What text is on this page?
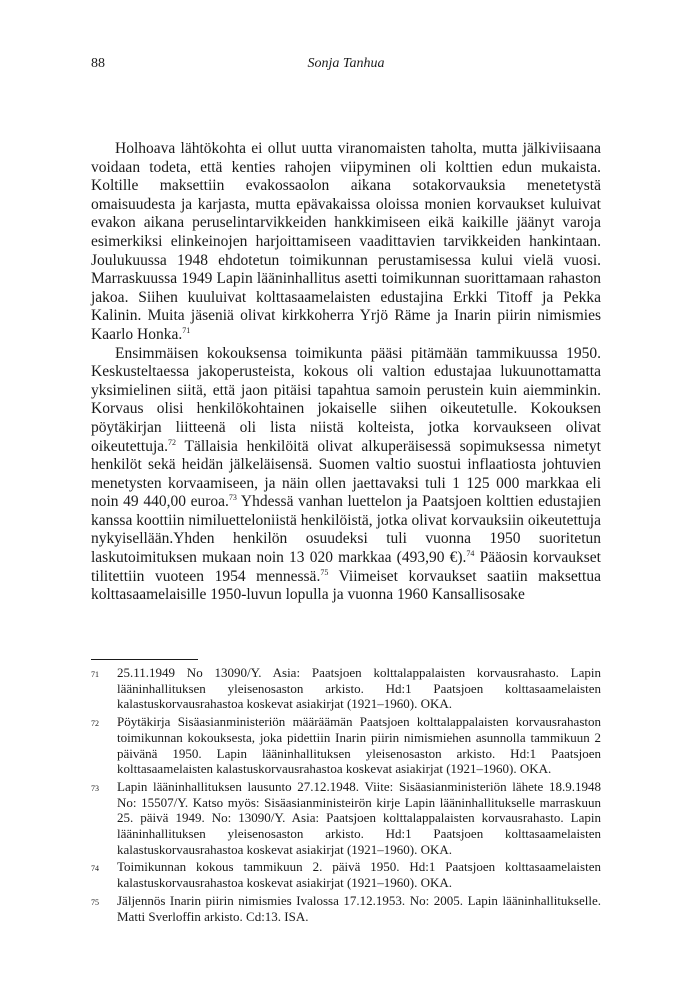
88	Sonja Tanhua

Holhoava lähtökohta ei ollut uutta viranomaisten taholta, mutta jälkiviisaana voidaan todeta, että kenties rahojen viipyminen oli kolttien edun mukaista. Koltille maksettiin evakossaolon aikana sotakorvauksia menetetystä omaisuudesta ja karjasta, mutta epävakaissa oloissa monien korvaukset kuluivat evakon aikana peruselintarvikkeiden hankkimiseen eikä kaikille jäänyt varoja esimerkiksi elinkeinojen harjoittamiseen vaadittavien tarvikkeiden hankintaan. Joulukuussa 1948 ehdotetun toimikunnan perustamisessa kului vielä vuosi. Marraskuussa 1949 Lapin lääninhallitus asetti toimikunnan suorittamaan rahaston jakoa. Siihen kuuluivat kolttasaamelaisten edustajina Erkki Titoff ja Pekka Kalinin. Muita jäseniä olivat kirkkoherra Yrjö Räme ja Inarin piirin nimismies Kaarlo Honka.$^{71}$

Ensimmäisen kokouksensa toimikunta pääsi pitämään tammikuussa 1950. Keskusteltaessa jakoperusteista, kokous oli valtion edustajaa lukuunottamatta yksimielinen siitä, että jaon pitäisi tapahtua samoin perustein kuin aiemminkin. Korvaus olisi henkilökohtainen jokaiselle siihen oikeutetulle. Kokouksen pöytäkirjan liitteenä oli lista niistä kolteista, jotka korvaukseen olivat oikeutettuja.$^{72}$ Tällaisia henkilöitä olivat alkuperäisessä sopimuksessa nimetyt henkilöt sekä heidän jälkeläisensä. Suomen valtio suostui inflaatiosta johtuvien menetysten korvaamiseen, ja näin ollen jaettavaksi tuli 1 125 000 markkaa eli noin 49 440,00 euroa.$^{73}$ Yhdessä vanhan luettelon ja Paatsjoen kolttien edustajien kanssa koottiin nimiluetteloniistä henkilöistä, jotka olivat korvauksiin oikeutettuja nykyisellään.Yhden henkilön osuudeksi tuli vuonna 1950 suoritetun laskutoimituksen mukaan noin 13 020 markkaa (493,90 €).$^{74}$ Pääosin korvaukset tilitettiin vuoteen 1954 mennessä.$^{75}$ Viimeiset korvaukset saatiin maksettua kolttasaamelaisille 1950-luvun lopulla ja vuonna 1960 Kansallisosake

71 25.11.1949 No 13090/Y. Asia: Paatsjoen kolttalappalaisten korvausrahasto. Lapin lääninhallituksen yleisenosaston arkisto. Hd:1 Paatsjoen kolttasaamelaisten kalastuskorvausrahastoa koskevat asiakirjat (1921–1960). OKA.
72 Pöytäkirja Sisäasianministeriön määräämän Paatsjoen kolttalappalaisten korvausrahaston toimikunnan kokouksesta, joka pidettiin Inarin piirin nimismiehen asunnolla tammikuun 2 päivänä 1950. Lapin lääninhallituksen yleisenosaston arkisto. Hd:1 Paatsjoen kolttasaamelaisten kalastuskorvausrahastoa koskevat asiakirjat (1921–1960). OKA.
73 Lapin lääninhallituksen lausunto 27.12.1948. Viite: Sisäasianministeriön lähete 18.9.1948 No: 15507/Y. Katso myös: Sisäasianministeirön kirje Lapin lääninhallitukselle marraskuun 25. päivä 1949. No: 13090/Y. Asia: Paatsjoen kolttalappalaisten korvausrahasto. Lapin lääninhallituksen yleisenosaston arkisto. Hd:1 Paatsjoen kolttasaamelaisten kalastuskorvausrahastoa koskevat asiakirjat (1921–1960). OKA.
74 Toimikunnan kokous tammikuun 2. päivä 1950. Hd:1 Paatsjoen kolttasaamelaisten kalastuskorvausrahastoa koskevat asiakirjat (1921–1960). OKA.
75 Jäljennös Inarin piirin nimismies Ivalossa 17.12.1953. No: 2005. Lapin lääninhallitukselle. Matti Sverloffin arkisto. Cd:13. ISA.
